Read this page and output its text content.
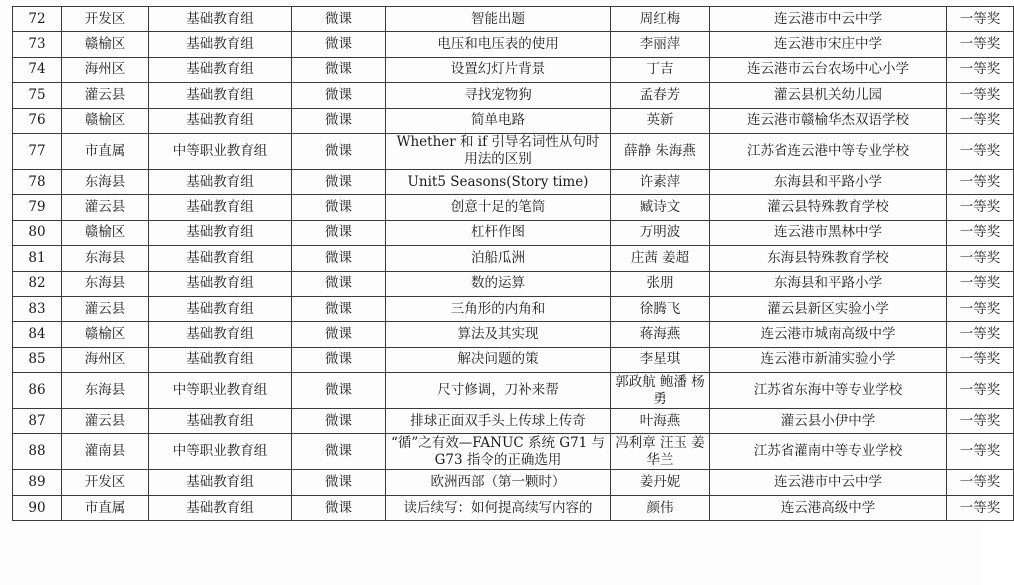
72	开发区	基础教育组	微课	智能出题	周红梅	连云港市中云中学	一等奖
73	赣榆区	基础教育组	微课	电压和电压表的使用	李丽萍	连云港市宋庄中学	一等奖
74	海州区	基础教育组	微课	设置幻灯片背景	丁吉	连云港市云台农场中心小学	一等奖
75	灌云县	基础教育组	微课	寻找宠物狗	孟春芳	灌云县机关幼儿园	一等奖
76	赣榆区	基础教育组	微课	简单电路	英新	连云港市赣榆华杰双语学校	一等奖
77	市直属	中等职业教育组	微课	Whether 和 if 引导名词性从句时用法的区别	薛静 朱海燕	江苏省连云港中等专业学校	一等奖
78	东海县	基础教育组	微课	Unit5 Seasons(Story time)	许素萍	东海县和平路小学	一等奖
79	灌云县	基础教育组	微课	创意十足的笔筒	臧诗文	灌云县特殊教育学校	一等奖
80	赣榆区	基础教育组	微课	杠杆作图	万明波	连云港市黑林中学	一等奖
81	东海县	基础教育组	微课	泊船瓜洲	庄茜 姜超	东海县特殊教育学校	一等奖
82	东海县	基础教育组	微课	数的运算	张朋	东海县和平路小学	一等奖
83	灌云县	基础教育组	微课	三角形的内角和	徐腾飞	灌云县新区实验小学	一等奖
84	赣榆区	基础教育组	微课	算法及其实现	蒋海燕	连云港市城南高级中学	一等奖
85	海州区	基础教育组	微课	解决问题的策	李星琪	连云港市新浦实验小学	一等奖
86	东海县	中等职业教育组	微课	尺寸修调，刀补来帮	郭政航 鲍潘 杨勇	江苏省东海中等专业学校	一等奖
87	灌云县	基础教育组	微课	排球正面双手头上传球上传奇	叶海燕	灌云县小伊中学	一等奖
88	灌南县	中等职业教育组	微课	“循”之有效—FANUC 系统 G71 与 G73 指令的正确选用	冯利章 汪玉 姜华兰	江苏省灌南中等专业学校	一等奖
89	开发区	基础教育组	微课	欧洲西部（第一颗时）	姜丹妮	连云港市中云中学	一等奖
90	市直属	基础教育组	微课	读后续写：如何提高续写内容的	颜伟	连云港高级中学	一等奖
